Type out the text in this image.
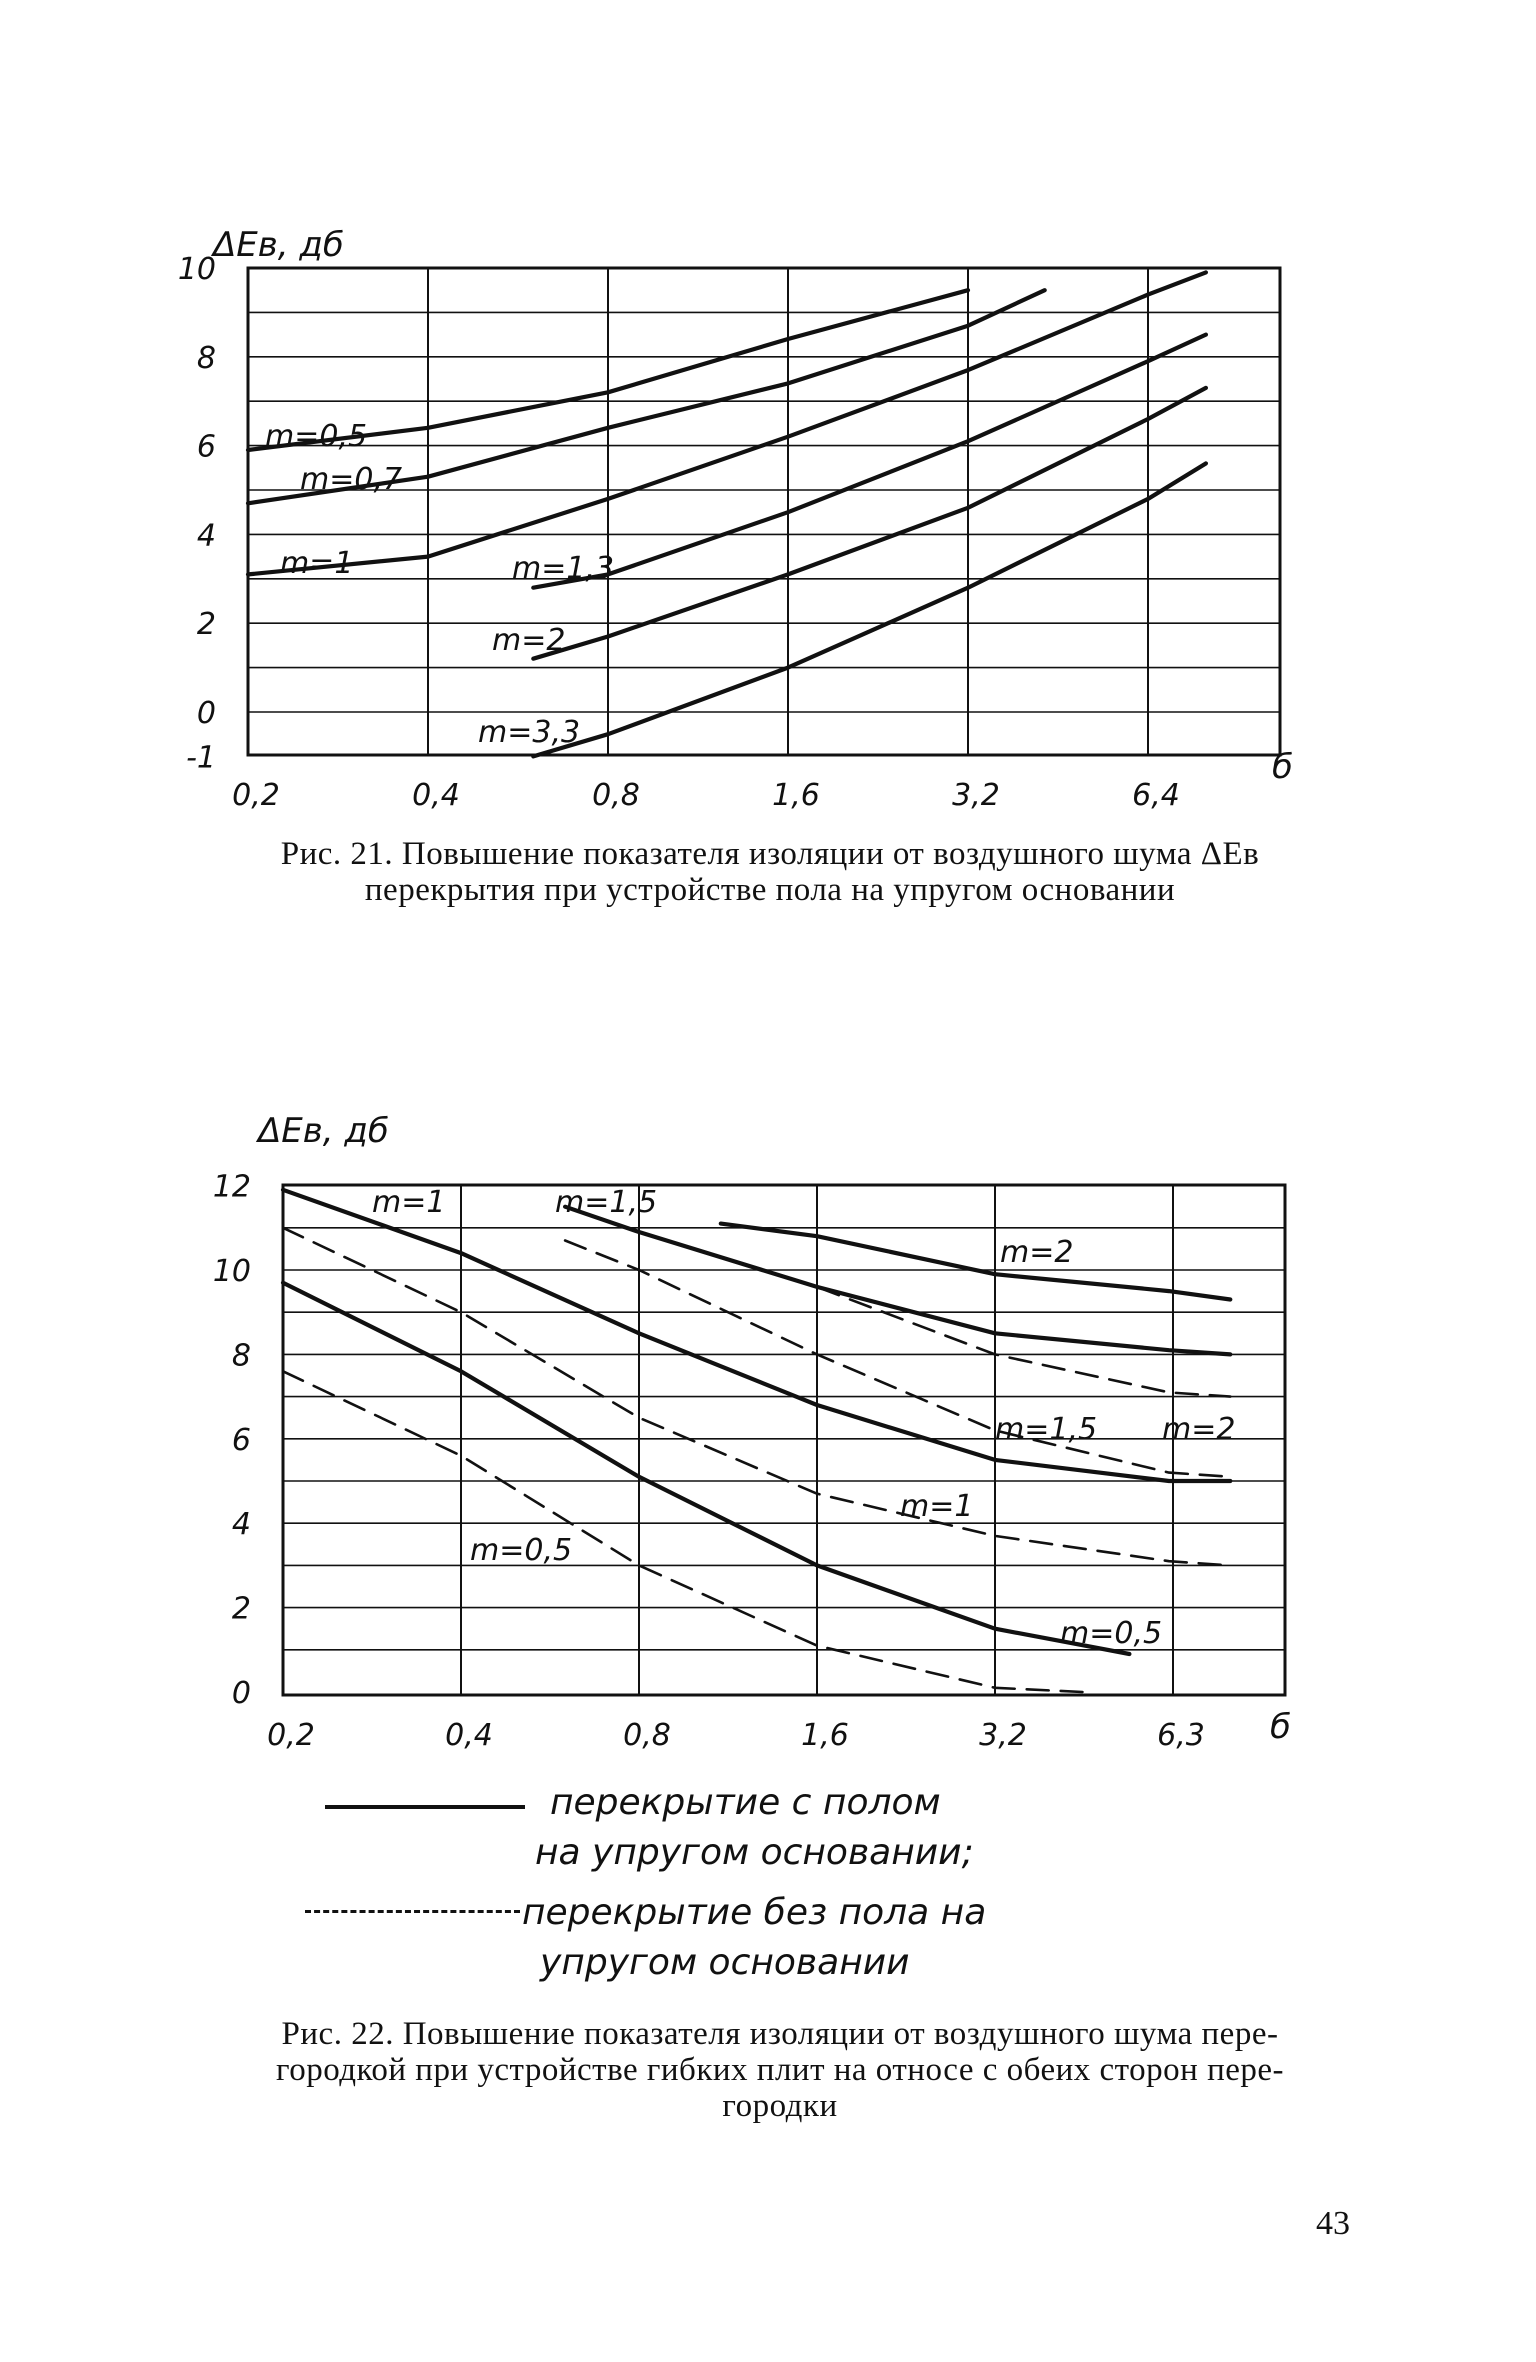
10
8
6
4
2
0
-1
0,2	0,4	0,8	1,6	3,2	6,4
m=0,5
m=0,7
m=1	m=1,3
m=2
m=3,3
ΔEв, дб
б
Рис. 21. Повышение показателя изоляции от воздушного шума ΔЕв
перекрытия при устройстве пола на упругом основании
12
10
8
6
4
2
0
0,2	0,4	0,8	1,6	3,2	6,3
m=1	m=1,5
m=2
m=0,5
m=1
m=1,5 m=2
m=0,5
ΔEв, дб
б
перекрытие с полом
на упругом основании;
перекрытие без пола на
упругом основании
Рис. 22. Повышение показателя изоляции от воздушного шума пере-
городкой при устройстве гибких плит на относе с обеих сторон пере-
городки
43
